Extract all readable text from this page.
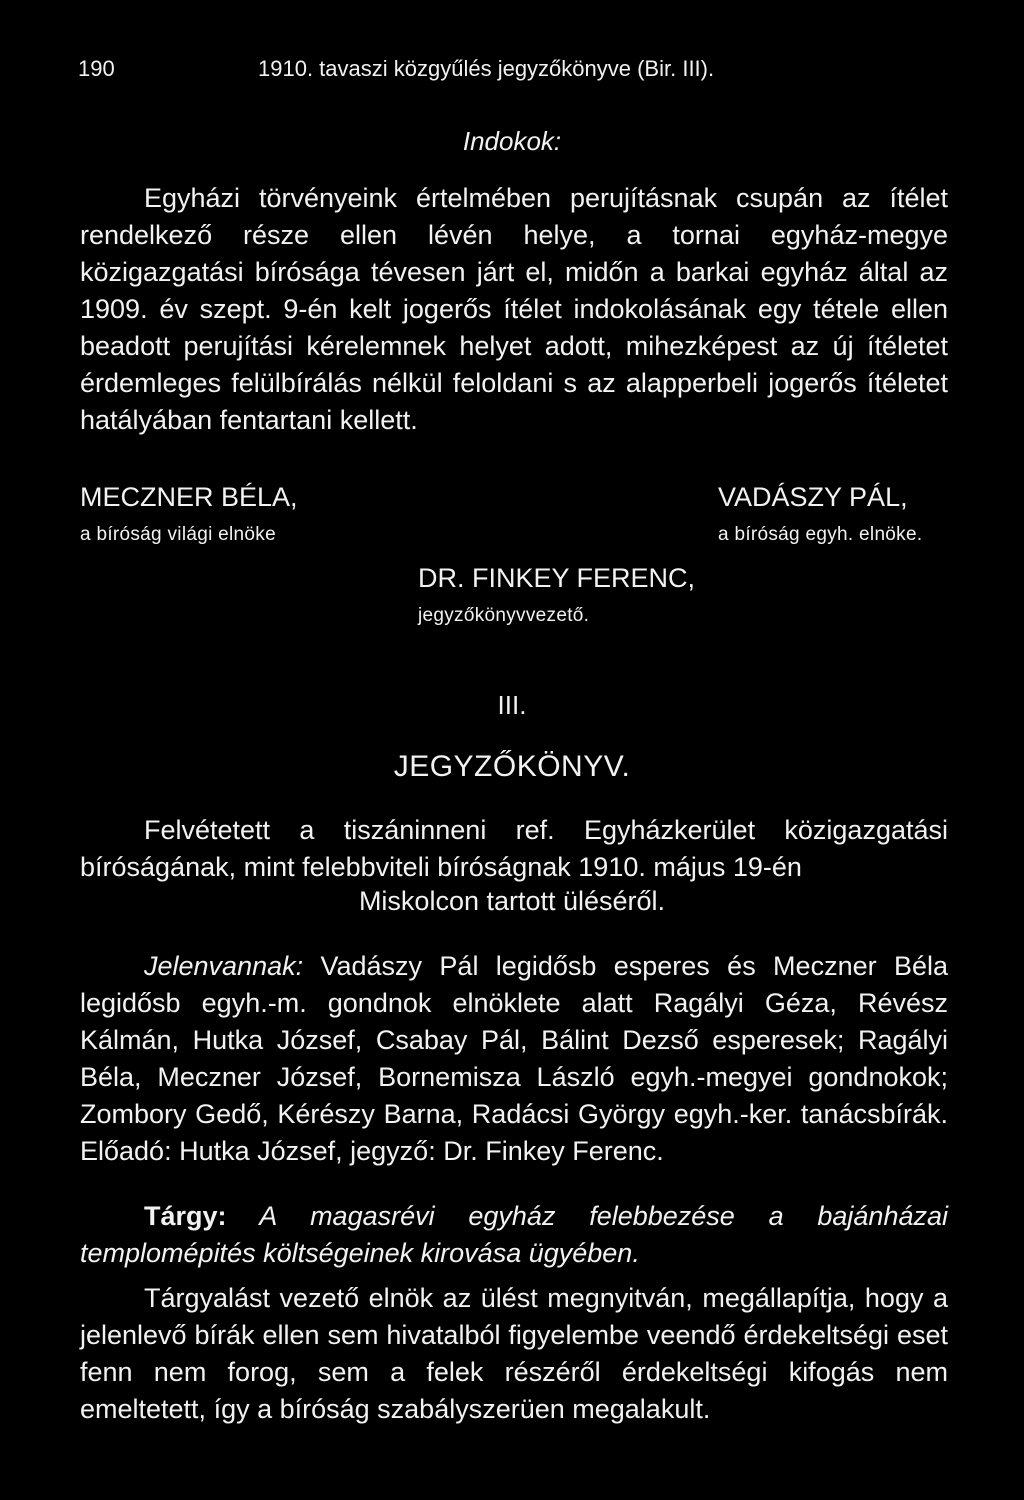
190	1910. tavaszi közgyűlés jegyzőkönyve (Bir. III).
Indokok:
Egyházi törvényeink értelmében perujításnak csupán az ítélet rendelkező része ellen lévén helye, a tornai egyház-megye közigazgatási bírósága tévesen járt el, midőn a barkai egyház által az 1909. év szept. 9-én kelt jogerős ítélet indokolásának egy tétele ellen beadott perujítási kérelemnek helyet adott, mihezképest az új ítéletet érdemleges felülbírálás nélkül feloldani s az alapperbeli jogerős ítéletet hatályában fentartani kellett.
MECZNER BÉLA,
a bíróság világi elnöke
VADÁSZY PÁL,
a bíróság egyh. elnöke.
DR. FINKEY FERENC,
jegyzőkönyvvezető.
III.
JEGYZŐKÖNYV.
Felvétetett a tiszáninneni ref. Egyházkerület közigazgatási bíróságának, mint felebbviteli bíróságnak 1910. május 19-én
Miskolcon tartott üléséről.
Jelenvannak: Vadászy Pál legidősb esperes és Meczner Béla legidősb egyh.-m. gondnok elnöklete alatt Ragályi Géza, Révész Kálmán, Hutka József, Csabay Pál, Bálint Dezső esperesek; Ragályi Béla, Meczner József, Bornemisza László egyh.-megyei gondnokok; Zombory Gedő, Kérészy Barna, Radácsi György egyh.-ker. tanácsbírák. Előadó: Hutka József, jegyző: Dr. Finkey Ferenc.
Tárgy: A magasrévi egyház felebbezése a bajánházai templomépités költségeinek kirovása ügyében.
Tárgyalást vezető elnök az ülést megnyitván, megállapítja, hogy a jelenlevő bírák ellen sem hivatalból figyelembe veendő érdekeltségi eset fenn nem forog, sem a felek részéről érdekeltségi kifogás nem emeltetett, így a bíróság szabályszerüen megalakult.
